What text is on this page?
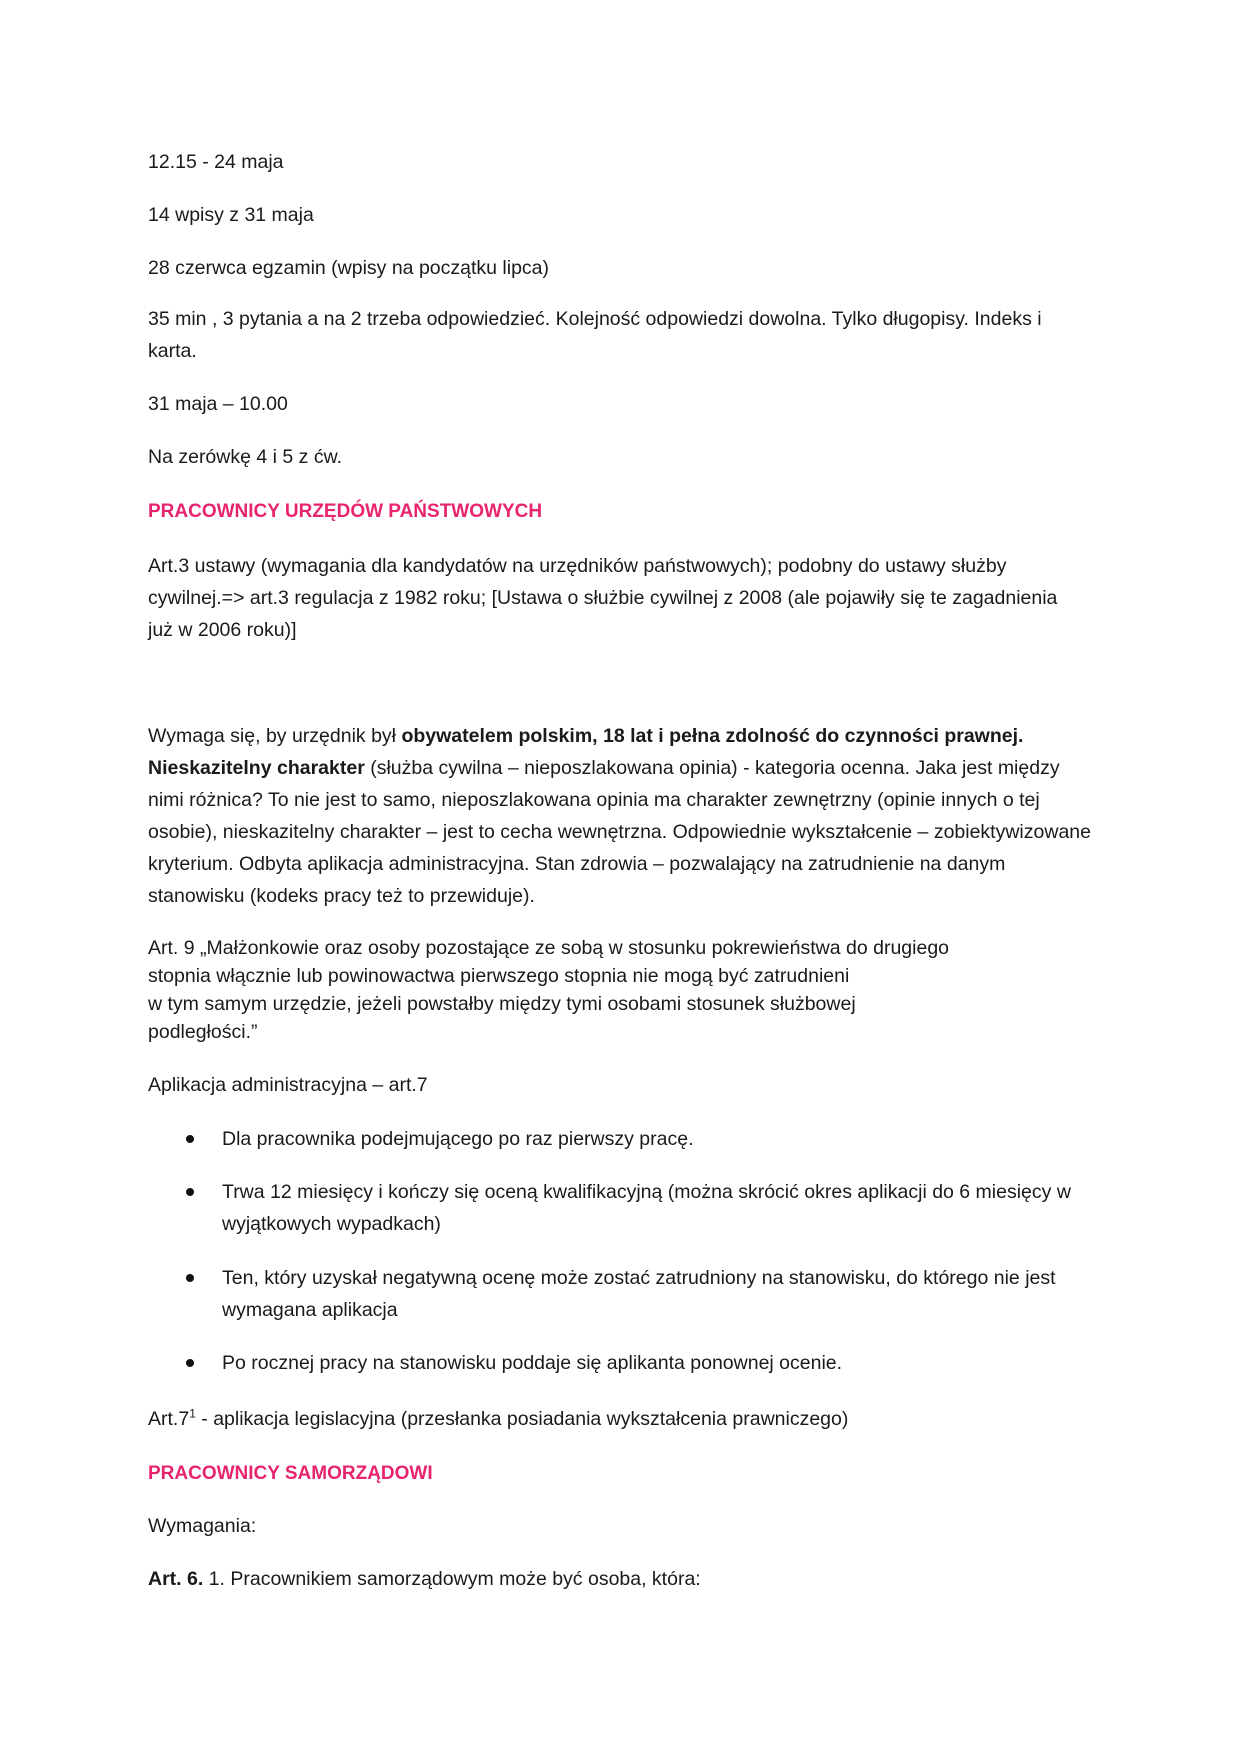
12.15 - 24 maja

14 wpisy z 31 maja

28 czerwca egzamin (wpisy na początku lipca)

35 min , 3 pytania a na 2 trzeba odpowiedzieć. Kolejność odpowiedzi dowolna. Tylko długopisy. Indeks i karta.

31 maja – 10.00

Na zerówkę 4 i 5 z ćw.

PRACOWNICY URZĘDÓW PAŃSTWOWYCH

Art.3 ustawy (wymagania dla kandydatów na urzędników państwowych); podobny do ustawy służby cywilnej.=> art.3 regulacja z 1982 roku; [Ustawa o służbie cywilnej z 2008 (ale pojawiły się te zagadnienia już w 2006 roku)]

Wymaga się, by urzędnik był obywatelem polskim, 18 lat i pełna zdolność do czynności prawnej. Nieskazitelny charakter (służba cywilna – nieposzlakowana opinia) - kategoria ocenna. Jaka jest między nimi różnica? To nie jest to samo, nieposzlakowana opinia ma charakter zewnętrzny (opinie innych o tej osobie), nieskazitelny charakter – jest to cecha wewnętrzna. Odpowiednie wykształcenie – zobiektywizowane kryterium. Odbyta aplikacja administracyjna. Stan zdrowia – pozwalający na zatrudnienie na danym stanowisku (kodeks pracy też to przewiduje).

Art. 9 „Małżonkowie oraz osoby pozostające ze sobą w stosunku pokrewieństwa do drugiego
stopnia włącznie lub powinowactwa pierwszego stopnia nie mogą być zatrudnieni
w tym samym urzędzie, jeżeli powstałby między tymi osobami stosunek służbowej
podległości.”

Aplikacja administracyjna – art.7

Dla pracownika podejmującego po raz pierwszy pracę.
Trwa 12 miesięcy i kończy się oceną kwalifikacyjną (można skrócić okres aplikacji do 6 miesięcy w wyjątkowych wypadkach)
Ten, który uzyskał negatywną ocenę może zostać zatrudniony na stanowisku, do którego nie jest wymagana aplikacja
Po rocznej pracy na stanowisku poddaje się aplikanta ponownej ocenie.

$Art.7^1$ - aplikacja legislacyjna (przesłanka posiadania wykształcenia prawniczego)

PRACOWNICY SAMORZĄDOWI

Wymagania:

Art. 6. 1. Pracownikiem samorządowym może być osoba, która:
